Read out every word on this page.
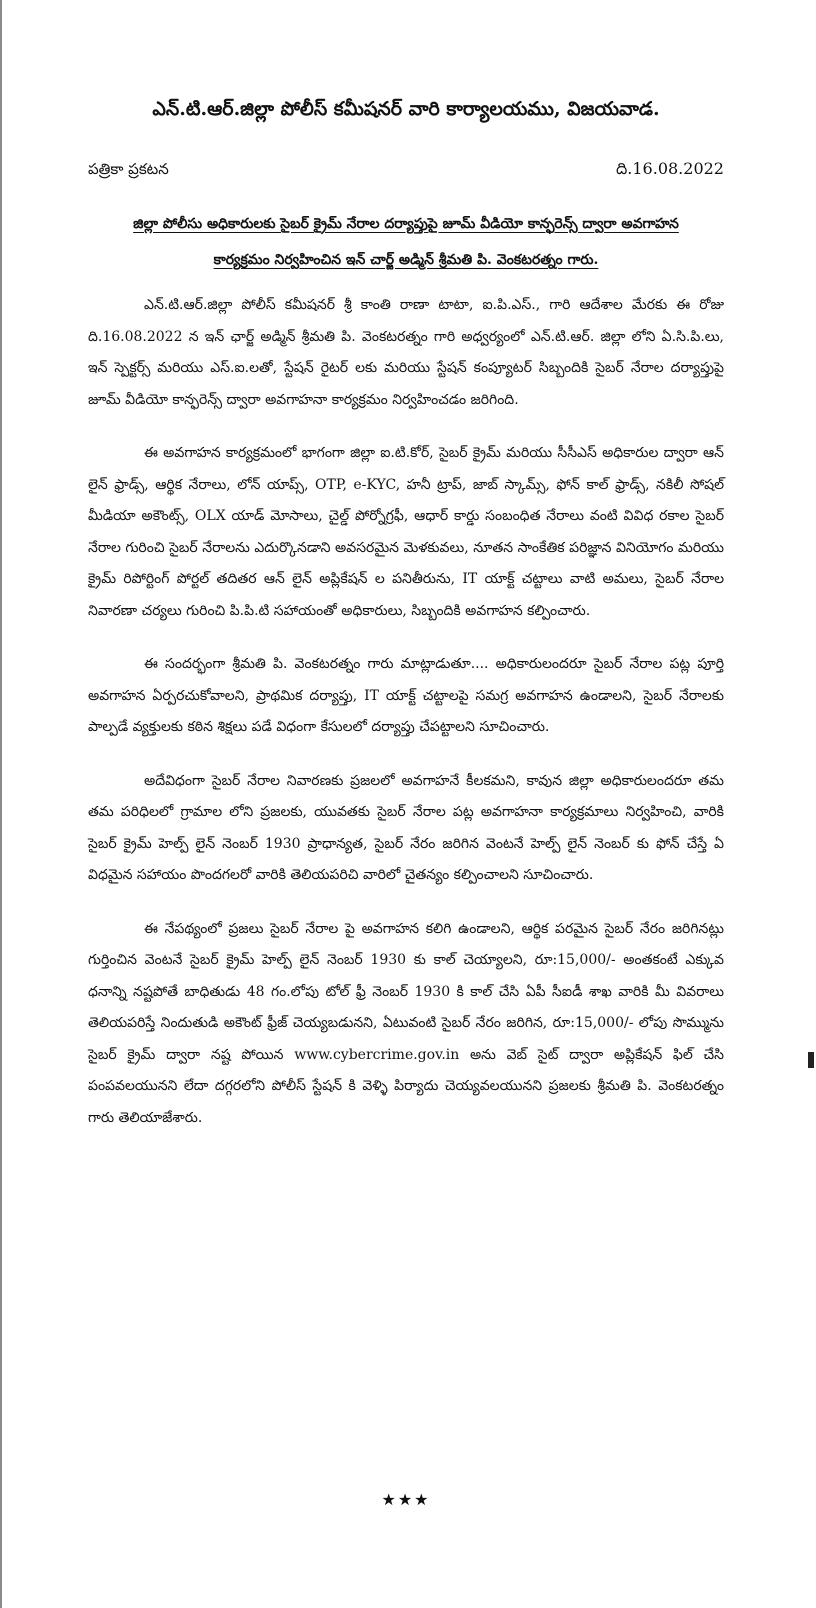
ఎన్.టి.ఆర్.జిల్లా పోలీస్ కమీషనర్ వారి కార్యాలయము, విజయవాడ.
పత్రికా ప్రకటన	ది.16.08.2022
జిల్లా పోలీసు అధికారులకు సైబర్ క్రైమ్ నేరాల దర్యాప్తుపై జూమ్ వీడియో కాన్ఫరెన్స్ ద్వారా అవగాహన
కార్యక్రమం నిర్వహించిన ఇన్ చార్జ్ అడ్మిన్ శ్రీమతి పి. వెంకటరత్నం గారు.

ఎన్.టి.ఆర్.జిల్లా పోలీస్ కమీషనర్ శ్రీ కాంతి రాణా టాటా, ఐ.పి.ఎస్., గారి ఆదేశాల మేరకు ఈ రోజు ది.16.08.2022 న ఇన్ ఛార్జ్ అడ్మిన్ శ్రీమతి పి. వెంకటరత్నం గారి అధ్వర్యంలో ఎన్.టి.ఆర్. జిల్లా లోని ఏ.సి.పి.లు, ఇన్ స్పెక్టర్స్ మరియు ఎస్.ఐ.లతో, స్టేషన్ రైటర్ లకు మరియు స్టేషన్ కంప్యూటర్ సిబ్బందికి సైబర్ నేరాల దర్యాప్తుపై జూమ్ వీడియో కాన్ఫరెన్స్ ద్వారా అవగాహనా కార్యక్రమం నిర్వహించడం జరిగింది.

ఈ అవగాహన కార్యక్రమంలో భాగంగా జిల్లా ఐ.టి.కోర్, సైబర్ క్రైమ్ మరియు సీసీఎస్ అధికారుల ద్వారా ఆన్ లైన్ ఫ్రాడ్స్, ఆర్థిక నేరాలు, లోన్ యాప్స్, OTP, e-KYC, హనీ ట్రాప్, జాబ్ స్కామ్స్, ఫోన్ కాల్ ఫ్రాడ్స్, నకిలీ సోషల్ మీడియా అకౌంట్స్, OLX యాడ్ మోసాలు, చైల్డ్ పోర్నోగ్రఫీ, ఆధార్ కార్డు సంబంధిత నేరాలు వంటి వివిధ రకాల సైబర్ నేరాల గురించి సైబర్ నేరాలను ఎదుర్కొనడాని అవసరమైన మెళకువలు, నూతన సాంకేతిక పరిజ్ఞాన వినియోగం మరియు క్రైమ్ రిపోర్టింగ్ పోర్టల్ తదితర ఆన్ లైన్ అప్లికేషన్ ల పనితీరును, IT యాక్ట్ చట్టాలు వాటి అమలు, సైబర్ నేరాల నివారణా చర్యలు గురించి పి.పి.టి సహాయంతో అధికారులు, సిబ్బందికి అవగాహన కల్పించారు.

ఈ సందర్భంగా శ్రీమతి పి. వెంకటరత్నం గారు మాట్లాడుతూ.... అధికారులందరూ సైబర్ నేరాల పట్ల పూర్తి అవగాహన ఏర్పరచుకోవాలని, ప్రాథమిక దర్యాప్తు, IT యాక్ట్ చట్టాలపై సమగ్ర అవగాహన ఉండాలని, సైబర్ నేరాలకు పాల్పడే వ్యక్తులకు కఠిన శిక్షలు పడే విధంగా కేసులలో దర్యాప్తు చేపట్టాలని సూచించారు.

అదేవిధంగా సైబర్ నేరాల నివారణకు ప్రజలలో అవగాహనే కీలకమని, కావున జిల్లా అధికారులందరూ తమ తమ పరిధిలలో గ్రామాల లోని ప్రజలకు, యువతకు సైబర్ నేరాల పట్ల అవగాహనా కార్యక్రమాలు నిర్వహించి, వారికి సైబర్ క్రైమ్ హెల్ప్ లైన్ నెంబర్ 1930 ప్రాధాన్యత, సైబర్ నేరం జరిగిన వెంటనే హెల్ప్ లైన్ నెంబర్ కు ఫోన్ చేస్తే ఏ విధమైన సహాయం పొందగలరో వారికి తెలియపరిచి వారిలో చైతన్యం కల్పించాలని సూచించారు.

ఈ నేపథ్యంలో ప్రజలు సైబర్ నేరాల పై అవగాహన కలిగి ఉండాలని, ఆర్థిక పరమైన సైబర్ నేరం జరిగినట్లు గుర్తించిన వెంటనే సైబర్ క్రైమ్ హెల్ప్ లైన్ నెంబర్ 1930 కు కాల్ చెయ్యాలని, రూ:15,000/- అంతకంటే ఎక్కువ ధనాన్ని నష్టపోతే బాధితుడు 48 గం.లోపు టోల్ ఫ్రీ నెంబర్ 1930 కి కాల్ చేసి ఏపీ సీఐడీ శాఖ వారికి మీ వివరాలు తెలియపరిస్తే నిందుతుడి అకౌంట్ ఫ్రీజ్ చెయ్యబడునని, ఏటువంటి సైబర్ నేరం జరిగిన, రూ:15,000/- లోపు సొమ్మును సైబర్ క్రైమ్ ద్వారా నష్ట పోయిన www.cybercrime.gov.in అను వెబ్ సైట్ ద్వారా అప్లికేషన్ ఫిల్ చేసి పంపవలయునని లేదా దగ్గరలోని పోలీస్ స్టేషన్ కి వెళ్ళి పిర్యాదు చెయ్యవలయునని ప్రజలకు శ్రీమతి పి. వెంకటరత్నం గారు తెలియాజేశారు.

★★★
